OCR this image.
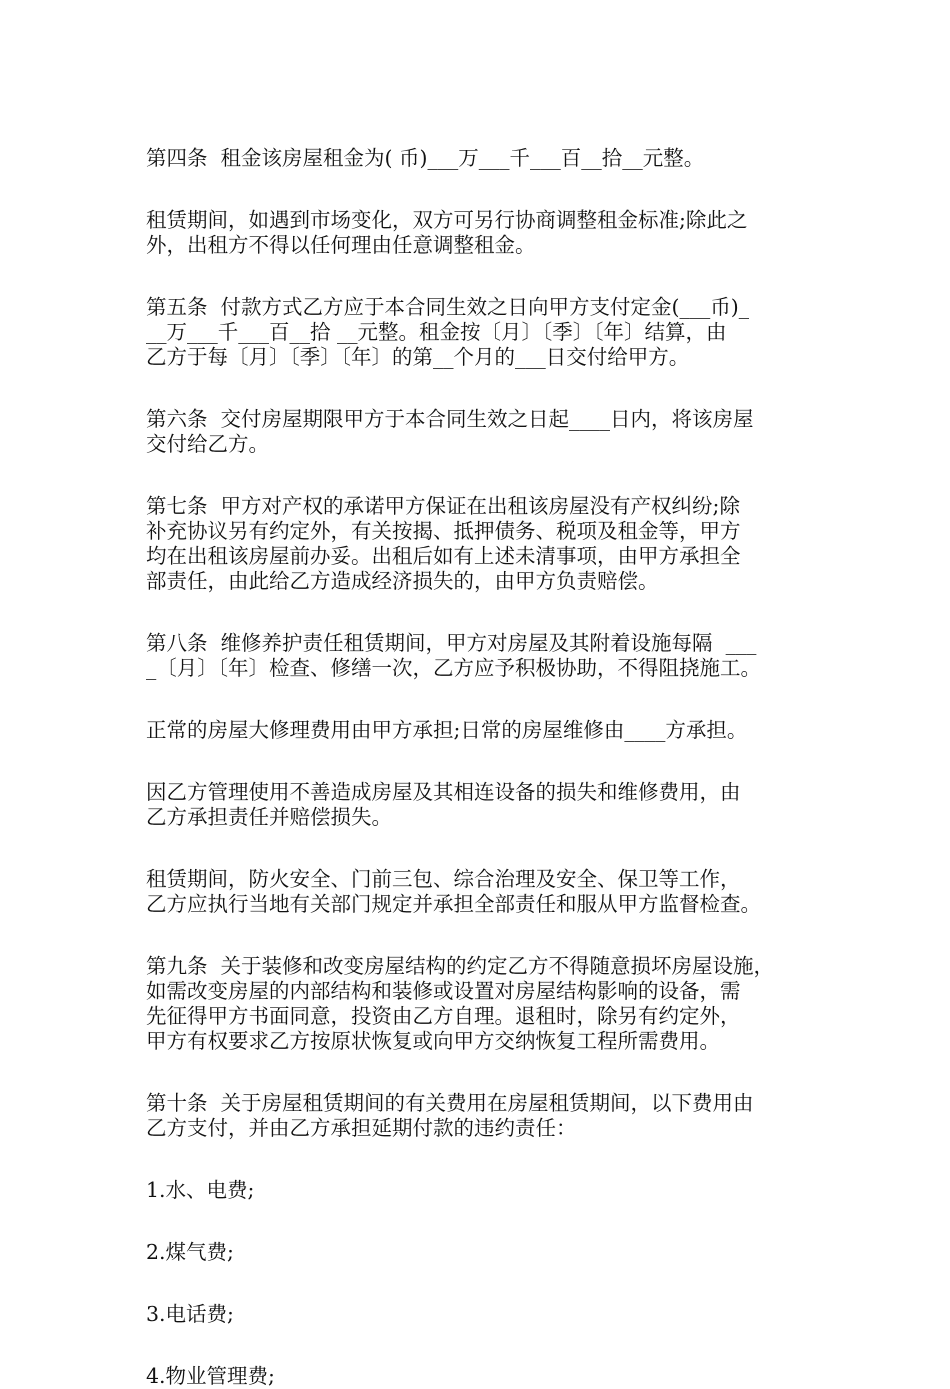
第四条  租金该房屋租金为( 币)___万___千___百__拾__元整。
租赁期间，如遇到市场变化，双方可另行协商调整租金标准;除此之
外，出租方不得以任何理由任意调整租金。
第五条  付款方式乙方应于本合同生效之日向甲方支付定金(___币)_
__万___千___百__拾 __元整。租金按〔月〕〔季〕〔年〕结算，由
乙方于每〔月〕〔季〕〔年〕的第__个月的___日交付给甲方。
第六条  交付房屋期限甲方于本合同生效之日起____日内，将该房屋
交付给乙方。
第七条  甲方对产权的承诺甲方保证在出租该房屋没有产权纠纷;除
补充协议另有约定外，有关按揭、抵押债务、税项及租金等，甲方
均在出租该房屋前办妥。出租后如有上述未清事项，由甲方承担全
部责任，由此给乙方造成经济损失的，由甲方负责赔偿。
第八条  维修养护责任租赁期间，甲方对房屋及其附着设施每隔  ___
_〔月〕〔年〕检查、修缮一次，乙方应予积极协助，不得阻挠施工。
正常的房屋大修理费用由甲方承担;日常的房屋维修由____方承担。
因乙方管理使用不善造成房屋及其相连设备的损失和维修费用，由
乙方承担责任并赔偿损失。
租赁期间，防火安全、门前三包、综合治理及安全、保卫等工作，
乙方应执行当地有关部门规定并承担全部责任和服从甲方监督检查。
第九条  关于装修和改变房屋结构的约定乙方不得随意损坏房屋设施，
如需改变房屋的内部结构和装修或设置对房屋结构影响的设备，需
先征得甲方书面同意，投资由乙方自理。退租时，除另有约定外，
甲方有权要求乙方按原状恢复或向甲方交纳恢复工程所需费用。
第十条  关于房屋租赁期间的有关费用在房屋租赁期间，以下费用由
乙方支付，并由乙方承担延期付款的违约责任：
1.水、电费;
2.煤气费;
3.电话费;
4.物业管理费;
